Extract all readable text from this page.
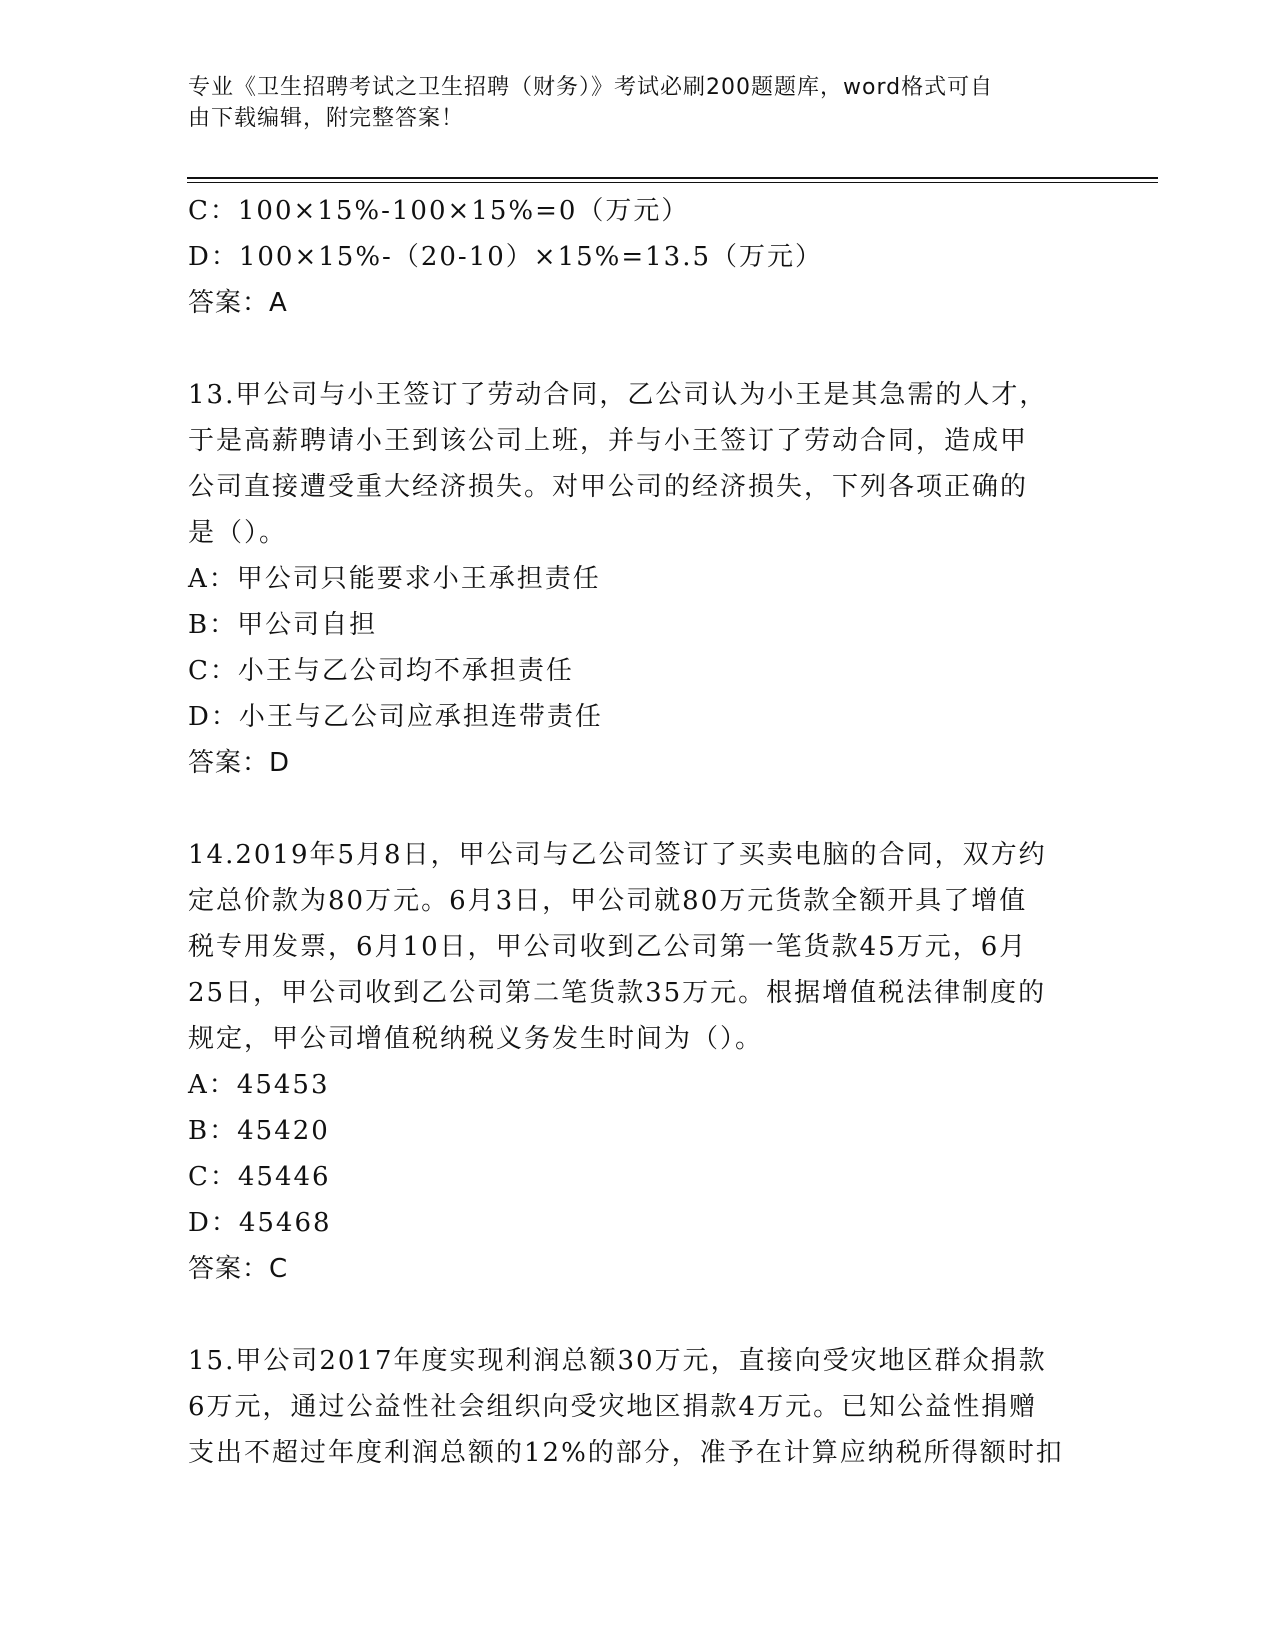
专业《卫生招聘考试之卫生招聘（财务）》考试必刷200题题库，word格式可自
由下载编辑，附完整答案！
C：100×15%-100×15%=0（万元）
D：100×15%-（20-10）×15%=13.5（万元）
答案：A
13.甲公司与小王签订了劳动合同，乙公司认为小王是其急需的人才，
于是高薪聘请小王到该公司上班，并与小王签订了劳动合同，造成甲
公司直接遭受重大经济损失。对甲公司的经济损失，下列各项正确的
是（）。
A：甲公司只能要求小王承担责任
B：甲公司自担
C：小王与乙公司均不承担责任
D：小王与乙公司应承担连带责任
答案：D
14.2019年5月8日，甲公司与乙公司签订了买卖电脑的合同，双方约
定总价款为80万元。6月3日，甲公司就80万元货款全额开具了增值
税专用发票，6月10日，甲公司收到乙公司第一笔货款45万元，6月
25日，甲公司收到乙公司第二笔货款35万元。根据增值税法律制度的
规定，甲公司增值税纳税义务发生时间为（）。
A：45453
B：45420
C：45446
D：45468
答案：C
15.甲公司2017年度实现利润总额30万元，直接向受灾地区群众捐款
6万元，通过公益性社会组织向受灾地区捐款4万元。已知公益性捐赠
支出不超过年度利润总额的12%的部分，准予在计算应纳税所得额时扣
